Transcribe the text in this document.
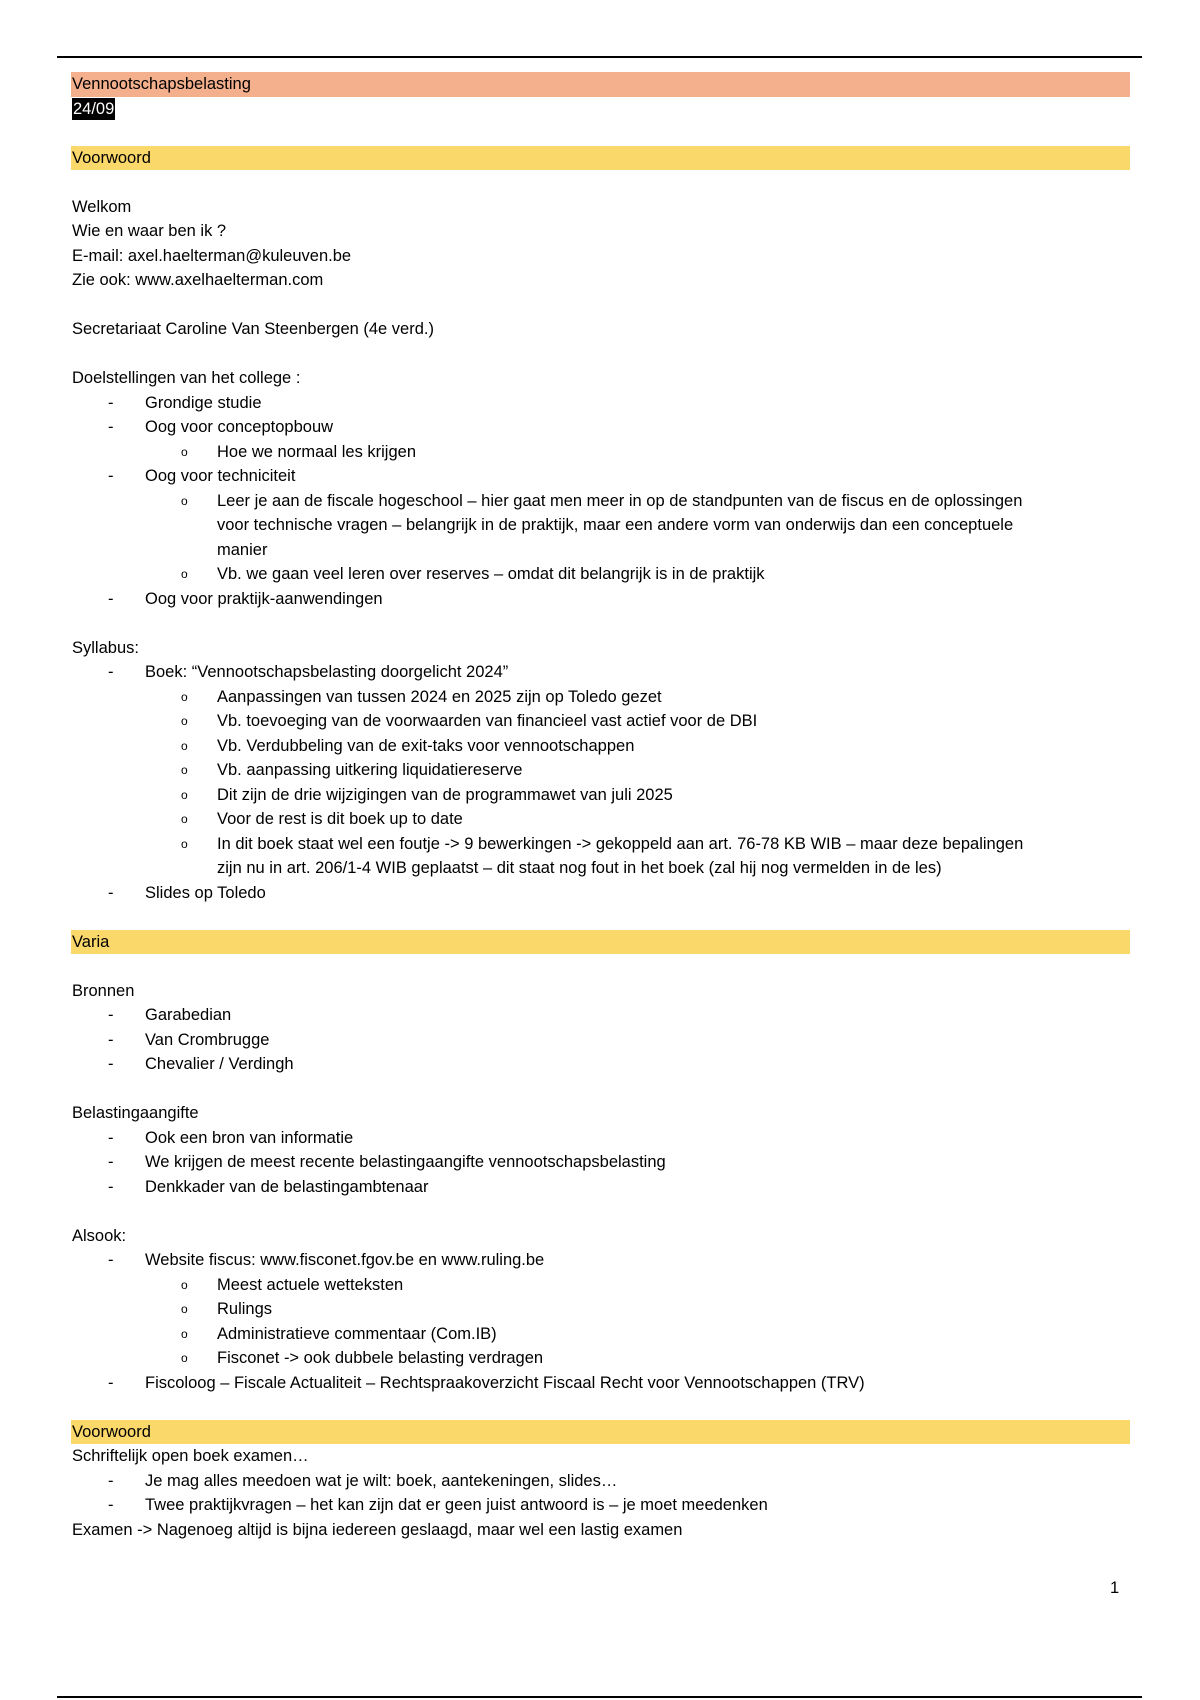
Vennootschapsbelasting
24/09
Voorwoord
Welkom
Wie en waar ben ik ?
E-mail: axel.haelterman@kuleuven.be
Zie ook: www.axelhaelterman.com
Secretariaat Caroline Van Steenbergen (4e verd.)
Doelstellingen van het college :
- Grondige studie
- Oog voor conceptopbouw
o Hoe we normaal les krijgen
- Oog voor techniciteit
o Leer je aan de fiscale hogeschool – hier gaat men meer in op de standpunten van de fiscus en de oplossingen
voor technische vragen – belangrijk in de praktijk, maar een andere vorm van onderwijs dan een conceptuele
manier
o Vb. we gaan veel leren over reserves – omdat dit belangrijk is in de praktijk
- Oog voor praktijk-aanwendingen
Syllabus:
- Boek: “Vennootschapsbelasting doorgelicht 2024”
o Aanpassingen van tussen 2024 en 2025 zijn op Toledo gezet
o Vb. toevoeging van de voorwaarden van financieel vast actief voor de DBI
o Vb. Verdubbeling van de exit-taks voor vennootschappen
o Vb. aanpassing uitkering liquidatiereserve
o Dit zijn de drie wijzigingen van de programmawet van juli 2025
o Voor de rest is dit boek up to date
o In dit boek staat wel een foutje -> 9 bewerkingen -> gekoppeld aan art. 76-78 KB WIB – maar deze bepalingen
zijn nu in art. 206/1-4 WIB geplaatst – dit staat nog fout in het boek (zal hij nog vermelden in de les)
- Slides op Toledo
Varia
Bronnen
- Garabedian
- Van Crombrugge
- Chevalier / Verdingh
Belastingaangifte
- Ook een bron van informatie
- We krijgen de meest recente belastingaangifte vennootschapsbelasting
- Denkkader van de belastingambtenaar
Alsook:
- Website fiscus: www.fisconet.fgov.be en www.ruling.be
o Meest actuele wetteksten
o Rulings
o Administratieve commentaar (Com.IB)
o Fisconet -> ook dubbele belasting verdragen
- Fiscoloog – Fiscale Actualiteit – Rechtspraakoverzicht Fiscaal Recht voor Vennootschappen (TRV)
Voorwoord
Schriftelijk open boek examen…
- Je mag alles meedoen wat je wilt: boek, aantekeningen, slides…
- Twee praktijkvragen – het kan zijn dat er geen juist antwoord is – je moet meedenken
Examen -> Nagenoeg altijd is bijna iedereen geslaagd, maar wel een lastig examen
1
